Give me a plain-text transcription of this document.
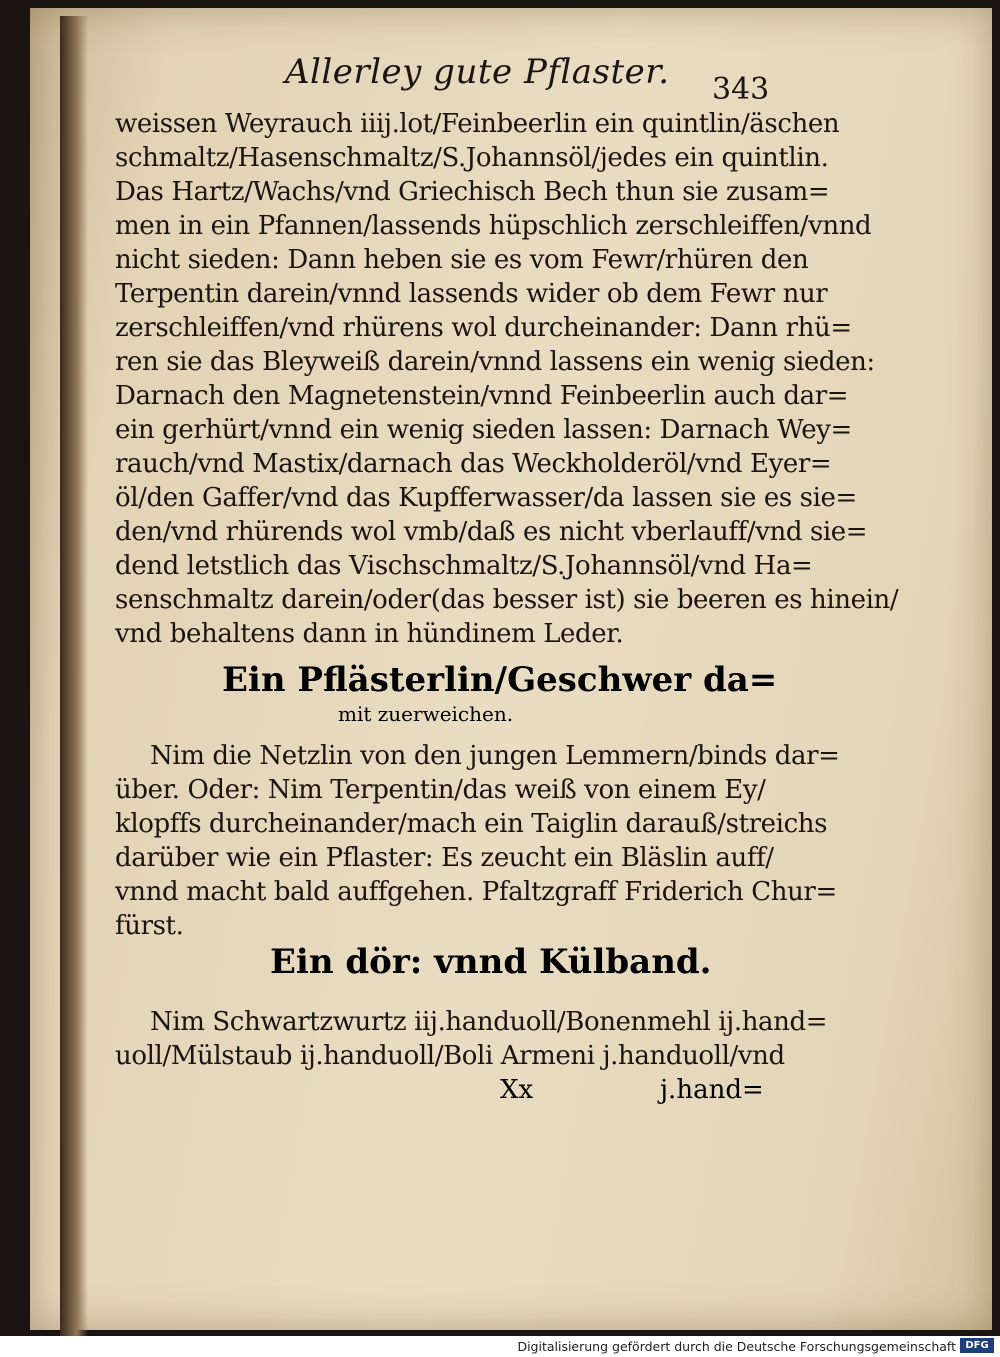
Allerley gute Pflaster. 343
weissen Weyrauch iiij.lot/Feinbeerlin ein quintlin/äschen
schmaltz/Hasenschmaltz/S.Johannsöl/jedes ein quintlin.
Das Hartz/Wachs/vnd Griechisch Bech thun sie zusam=
men in ein Pfannen/lassends hüpschlich zerschleiffen/vnnd
nicht sieden: Dann heben sie es vom Fewr/rhüren den
Terpentin darein/vnnd lassends wider ob dem Fewr nur
zerschleiffen/vnd rhürens wol durcheinander: Dann rhü=
ren sie das Bleyweiß darein/vnnd lassens ein wenig sieden:
Darnach den Magnetenstein/vnnd Feinbeerlin auch dar=
ein gerhürt/vnnd ein wenig sieden lassen: Darnach Wey=
rauch/vnd Mastix/darnach das Weckholderöl/vnd Eyer=
öl/den Gaffer/vnd das Kupfferwasser/da lassen sie es sie=
den/vnd rhürends wol vmb/daß es nicht vberlauff/vnd sie=
dend letstlich das Vischschmaltz/S.Johannsöl/vnd Ha=
senschmaltz darein/oder(das besser ist) sie beeren es hinein/
vnd behaltens dann in hündinem Leder.
Ein Pflästerlin/Geschwer da=
mit zuerweichen.
Nim die Netzlin von den jungen Lemmern/binds dar=
über. Oder: Nim Terpentin/das weiß von einem Ey/
klopffs durcheinander/mach ein Taiglin darauß/streichs
darüber wie ein Pflaster: Es zeucht ein Bläslin auff/
vnnd macht bald auffgehen. Pfaltzgraff Friderich Chur=
fürst.
Ein dör: vnnd Külband.
Nim Schwartzwurtz iij.handuoll/Bonenmehl ij.hand=
uoll/Mülstaub ij.handuoll/Boli Armeni j.handuoll/vnd
Xx	j.hand=
Digitalisierung gefördert durch die Deutsche Forschungsgemeinschaft DFG
